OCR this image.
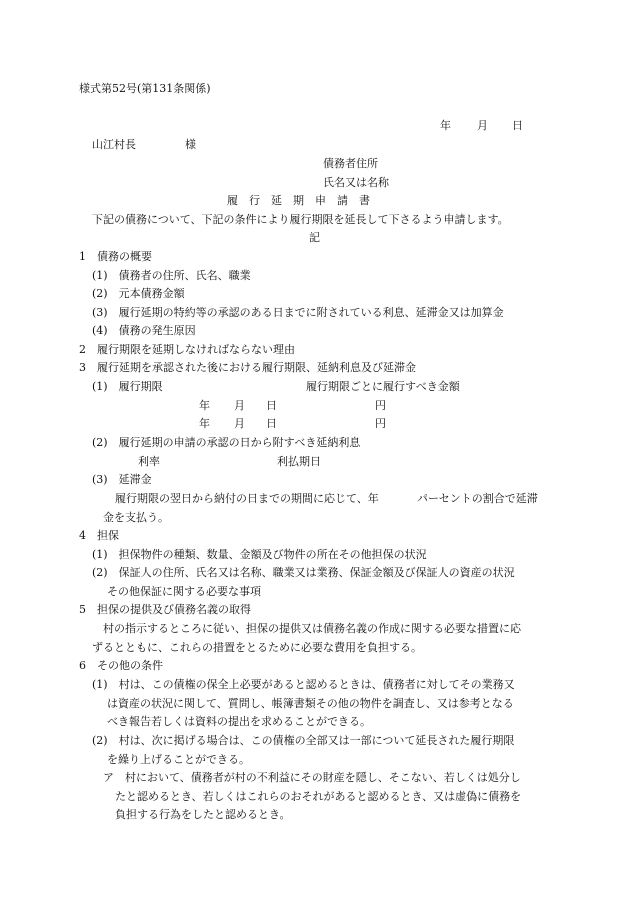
様式第52号(第131条関係)
年 月 日
山江村長	様
債務者住所
氏名又は名称
履　行　延　期　申　請　書
下記の債務について、下記の条件により履行期限を延長して下さるよう申請します。
記
1　債務の概要
(1)　債務者の住所、氏名、職業
(2)　元本債務金額
(3)　履行延期の特約等の承認のある日までに附されている利息、延滞金又は加算金
(4)　債務の発生原因
2　履行期限を延期しなければならない理由
3　履行延期を承認された後における履行期限、延納利息及び延滞金
(1)　履行期限	履行期限ごとに履行すべき金額
年 月 日	円
年 月 日	円
(2)　履行延期の申請の承認の日から附すべき延納利息
利率	利払期日
(3)　延滞金
履行期限の翌日から納付の日までの期間に応じて、年	パーセントの割合で延滞
金を支払う。
4　担保
(1)　担保物件の種類、数量、金額及び物件の所在その他担保の状況
(2)　保証人の住所、氏名又は名称、職業又は業務、保証金額及び保証人の資産の状況
その他保証に関する必要な事項
5　担保の提供及び債務名義の取得
村の指示するところに従い、担保の提供又は債務名義の作成に関する必要な措置に応
ずるとともに、これらの措置をとるために必要な費用を負担する。
6　その他の条件
(1)　村は、この債権の保全上必要があると認めるときは、債務者に対してその業務又
は資産の状況に関して、質問し、帳簿書類その他の物件を調査し、又は参考となる
べき報告若しくは資料の提出を求めることができる。
(2)　村は、次に掲げる場合は、この債権の全部又は一部について延長された履行期限
を繰り上げることができる。
ア　村において、債務者が村の不利益にその財産を隠し、そこない、若しくは処分し
たと認めるとき、若しくはこれらのおそれがあると認めるとき、又は虚偽に債務を
負担する行為をしたと認めるとき。
